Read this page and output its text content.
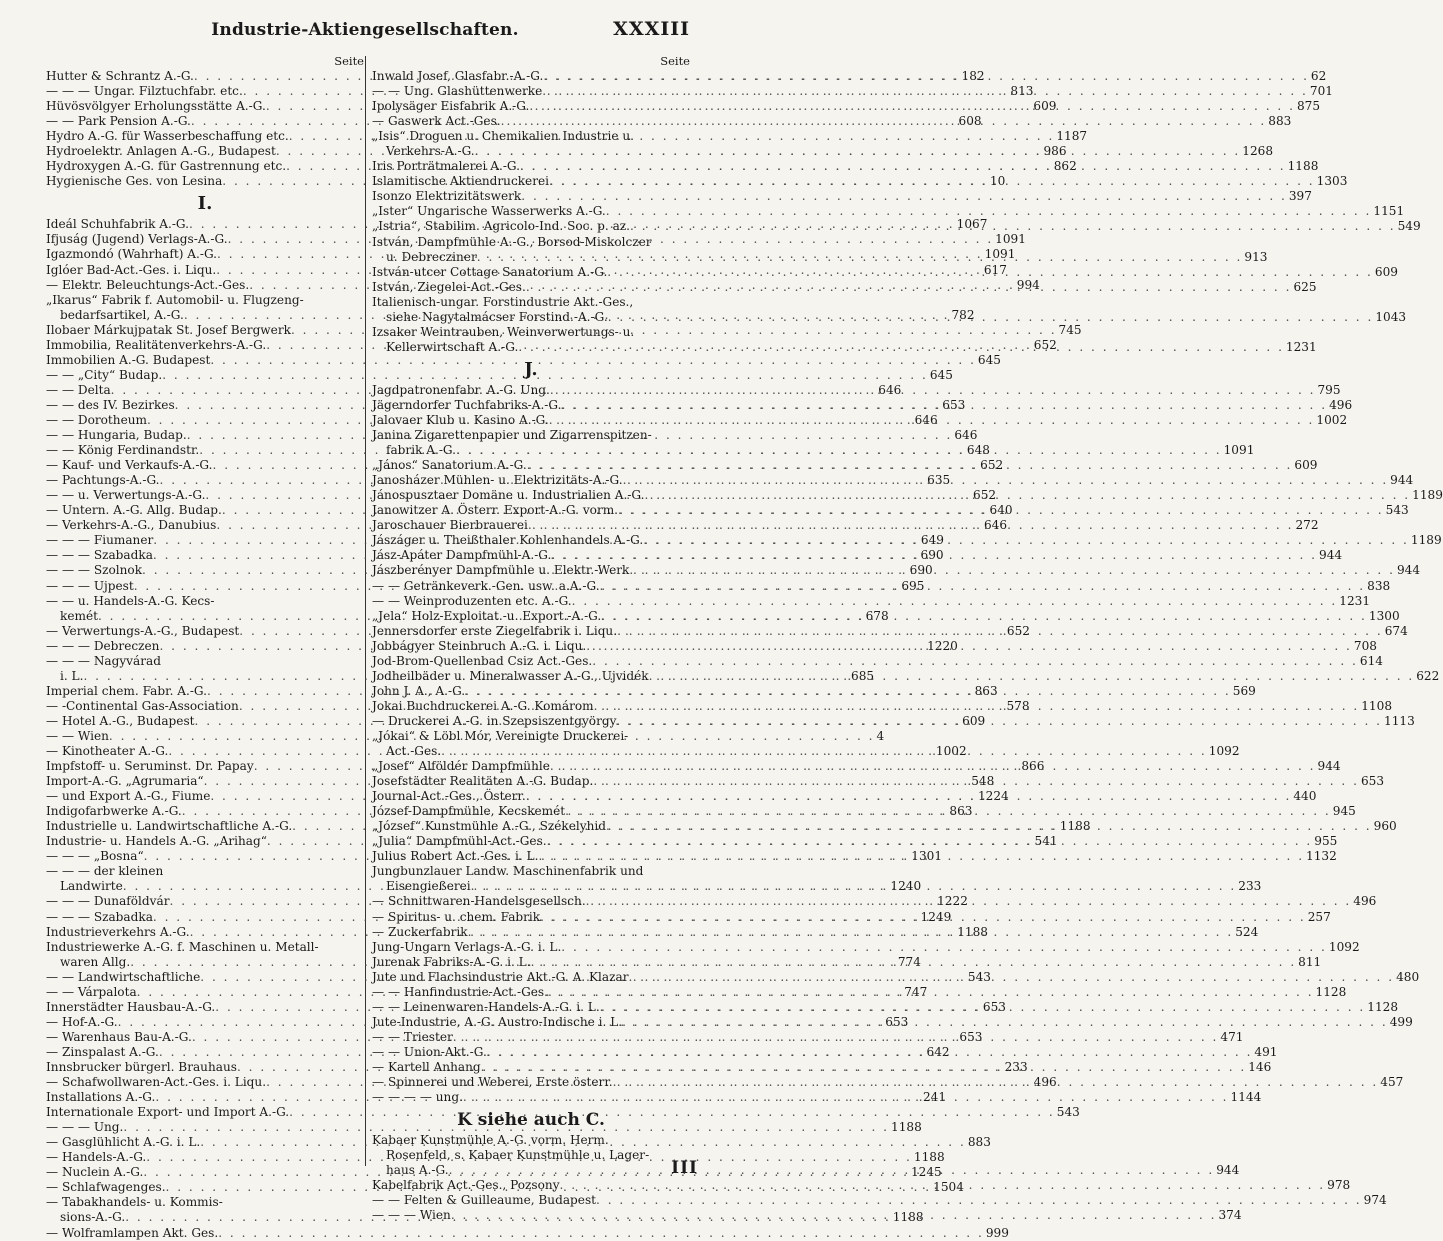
Industrie-Aktiengesellschaften.	XXXIII
Seite
Hutter & Schrantz A.-G. . . .	182
— — — Ungar. Filztuchfabr. etc. . . .	813
Hüvösvölgyer Erholungsstätte A.-G. . . .	609
— — Park Pension A.-G. . . .	608
Hydro A.-G. für Wasserbeschaffung etc. . . .	1187
Hydroelektr. Anlagen A.-G., Budapest . . .	986
Hydroxygen A.-G. für Gastrennung etc. . . .	862
Hygienische Ges. von Lesina . . .	10
I.
Ideál Schuhfabrik A.-G. . . .	1067
Ifjuság (Jugend) Verlags-A.-G. . . .	1091
Igazmondó (Wahrhaft) A.-G. . . .	1091
Iglóer Bad-Act.-Ges. i. Liqu. . . .	617
— Elektr. Beleuchtungs-Act.-Ges. . . .	994
„Ikarus“ Fabrik f. Automobil- u. Flugzeng-
bedarfsartikel, A.-G. . . .	782
Ilobaer Márkujpatak St. Josef Bergwerk . . .	745
Immobilia, Realitätenverkehrs-A.-G. . . .	652
Immobilien A.-G. Budapest . . .	645
— — „City“ Budap. . . .	645
— — Delta . . .	646
— — des IV. Bezirkes . . .	653
— — Dorotheum . . .	646
— — Hungaria, Budap. . . .	646
— — König Ferdinandstr. . . .	648
— Kauf- und Verkaufs-A.-G. . . .	652
— Pachtungs-A.-G. . . .	635
— — u. Verwertungs-A.-G. . . .	652
— Untern. A.-G. Allg. Budap. . . .	640
— Verkehrs-A.-G., Danubius . . .	646
— — — Fiumaner . . .	649
— — — Szabadka . . .	690
— — — Szolnok . . .	690
— — — Ujpest . . .	695
— — u. Handels-A.-G. Kecs-
kemét . . .	678
— Verwertungs-A.-G., Budapest . . .	652
— — — Debreczen . . .	1220
— — — Nagyvárad
i. L. . . .	685
Imperial chem. Fabr. A.-G. . . .	863
— -Continental Gas-Association . . .	578
— Hotel A.-G., Budapest . . .	609
— — Wien . . .	4
— Kinotheater A.-G. . . .	1002
Impfstoff- u. Seruminst. Dr. Papay . . .	866
Import-A.-G. „Agrumaria“ . . .	548
— und Export A.-G., Fiume . . .	1224
Indigofarbwerke A.-G. . . .	863
Industrielle u. Landwirtschaftliche A.-G. . . .	1188
Industrie- u. Handels A.-G. „Arihag“ . . .	541
— — — „Bosna“ . . .	1301
— — — der kleinen
Landwirte . . .	1240
— — — Dunaföldvár . . .	1222
— — — Szabadka . . .	1249
Industrieverkehrs A.-G. . . .	1188
Industriewerke A.-G. f. Maschinen u. Metall-
waren Allg. . . .	774
— — Landwirtschaftliche . . .	543
— — Várpalota . . .	747
Innerstädter Hausbau-A.-G. . . .	653
— Hof-A.-G. . . .	653
— Warenhaus Bau-A.-G. . . .	653
— Zinspalast A.-G. . . .	642
Innsbrucker bürgerl. Brauhaus . . .	233
— Schafwollwaren-Act.-Ges. i. Liqu. . . .	496
Installations A.-G. . . .	241
Internationale Export- und Import A.-G. . . .	543
— — — Ung. . . .	1188
— Gasglühlicht A.-G. i. L. . . .	883
— Handels-A.-G. . . .	1188
— Nuclein A.-G. . . .	1245
— Schlafwagenges. . . .	1504
— Tabakhandels- u. Kommis-
sions-A.-G. . . .	1188
— Wolframlampen Akt. Ges. . . .	999
Seite
Inwald Josef, Glasfabr.-A.-G. . . .	62
— — Ung. Glashüttenwerke . . .	701
Ipolysäger Eisfabrik A.-G. . . .	875
— Gaswerk Act.-Ges. . . .	883
„Isis“ Droguen u. Chemikalien Industrie u.
Verkehrs-A.-G. . . .	1268
Iris Porträtmalerei A.-G. . . .	1188
Islamitische Aktiendruckerei . . .	1303
Isonzo Elektrizitätswerk . . .	397
„Ister“ Ungarische Wasserwerks A.-G. . . .	1151
„Istria“, Stabilim. Agricolo-Ind. Soc. p. az. . . .	549
István, Dampfmühle A.-G., Borsod-Miskolczer
u. Debrecziner . . .	913
István-utcer Cottage Sanatorium A.-G. . . .	609
István, Ziegelei-Act.-Ges. . . .	625
Italienisch-ungar. Forstindustrie Akt.-Ges.,
siehe Nagytalmácser Forstind.-A.-G. . . .	1043
Izsaker Weintrauben, Weinverwertungs- u.
Kellerwirtschaft A.-G. . . .	1231
J.
Jagdpatronenfabr. A.-G. Ung. . . .	795
Jägerndorfer Tuchfabriks-A.-G. . . .	496
Jalovaer Klub u. Kasino A.-G. . . .	1002
Janina Zigarettenpapier und Zigarrenspitzen-
fabrik A.-G. . . .	1091
„János“ Sanatorium A.-G. . . .	609
Janosházer Mühlen- u. Elektrizitäts-A.-G. . . .	944
Jánospusztaer Domäne u. Industrialien A.-G. . . .	1189
Janowitzer A. Österr. Export-A.-G. vorm. . . .	543
Jaroschauer Bierbrauerei . . .	272
Jászáger u. Theißthaler Kohlenhandels A.-G. . . .	1189
Jász-Apáter Dampfmühl-A.-G. . . .	944
Jászberényer Dampfmühle u. Elektr.-Werk . . .	944
— — Getränkeverk.-Gen. usw. a.A.-G. . . .	838
— — Weinproduzenten etc. A.-G. . . .	1231
„Jela“ Holz-Exploitat.-u. Export.-A.-G. . . .	1300
Jennersdorfer erste Ziegelfabrik i. Liqu. . . .	674
Jobbágyer Steinbruch A.-G. i. Liqu. . . .	708
Jod-Brom-Quellenbad Csiz Act.-Ges. . . .	614
Jodheilbäder u. Mineralwasser A.-G., Ujvidék . . .	622
John J. A., A.-G. . . .	569
Jokai Buchdruckerei A.-G. Komárom . . .	1108
— Druckerei A.-G. in Szepsiszentgyörgy . . .	1113
„Jókai“ & Löbl Mór, Vereinigte Druckerei-
Act.-Ges. . . .	1092
„Josef“ Alföldér Dampfmühle . . .	944
Josefstädter Realitäten A.-G. Budap. . . .	653
Journal-Act.-Ges., Österr. . . .	440
József-Dampfmühle, Kecskemét . . .	945
„József“ Kunstmühle A.-G., Székelyhid . . .	960
„Julia“ Dampfmühl-Act.-Ges. . . .	955
Julius Robert Act.-Ges. i. L. . . .	1132
Jungbunzlauer Landw. Maschinenfabrik und
Eisengießerei . . .	233
— Schnittwaren-Handelsgesellsch. . . .	496
— Spiritus- u. chem. Fabrik . . .	257
— Zuckerfabrik . . .	524
Jung-Ungarn Verlags-A.-G. i. L. . . .	1092
Jurenak Fabriks-A.-G. i. L. . . .	811
Jute und Flachsindustrie Akt.-G. A. Klazar . . .	480
— — Hanfindustrie-Act.-Ges. . . .	1128
— — Leinenwaren-Handels-A.-G. i. L. . . .	1128
Jute-Industrie, A.-G. Austro-Indische i. L. . . .	499
— — Triester . . .	471
— — Union-Akt.-G. . . .	491
— Kartell Anhang . . .	146
— Spinnerei und Weberei, Erste österr. . . .	457
— — — — ung. . . .	1144
K siehe auch C.
Kabaer Kunstmühle A.-G. vorm. Herm.
Rosenfeld, s. Kabaer Kunstmühle u. Lager-
haus A.-G. . . .	944
Kabelfabrik Act.-Ges., Pozsony . . .	978
— — Felten & Guilleaume, Budapest . . .	974
— — — Wien . . .	374
III
